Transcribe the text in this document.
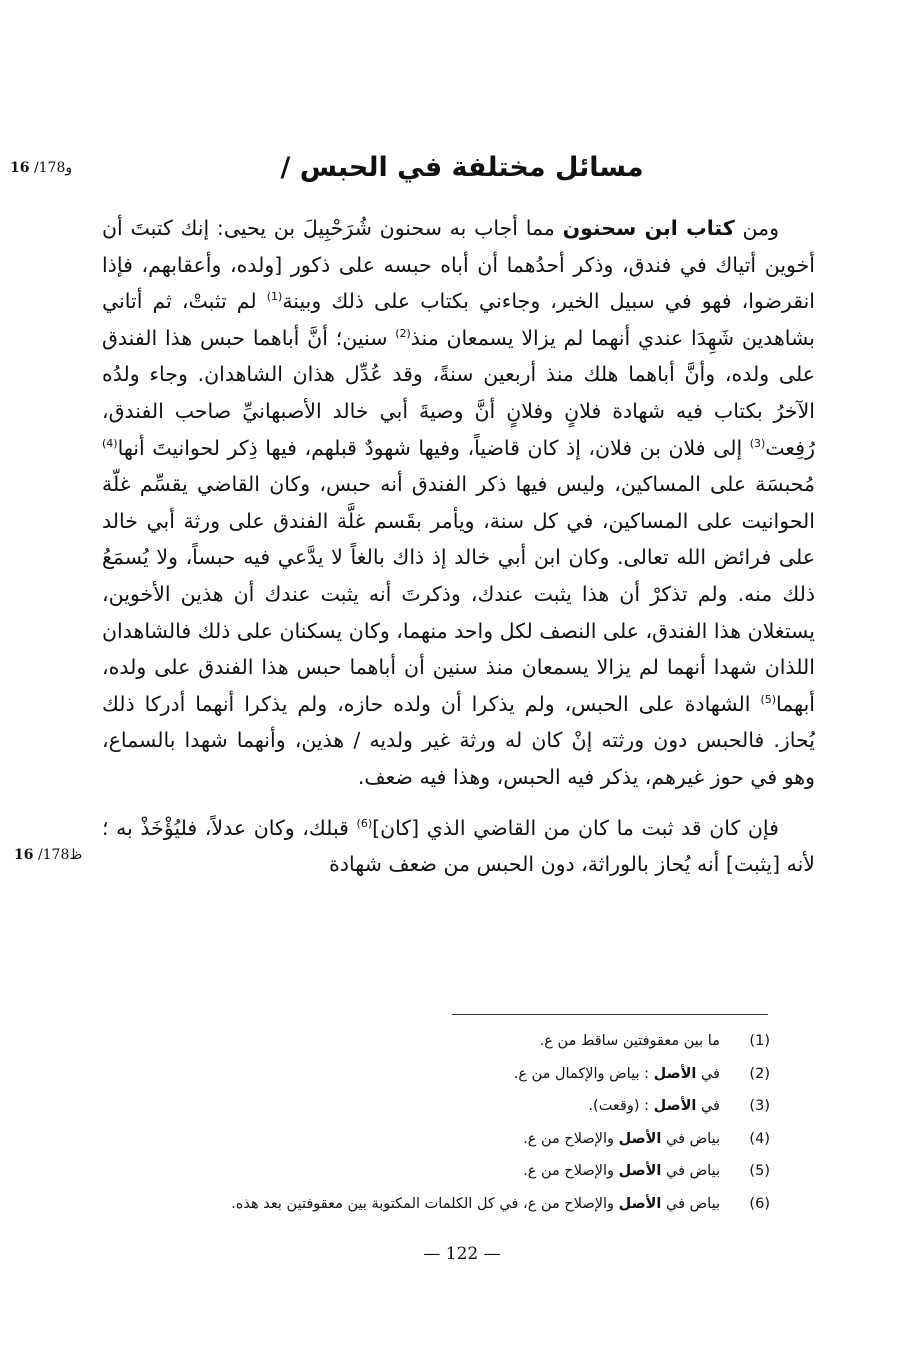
مسائل مختلفة في الحبس /
16 /178و
16 /178ظ

ومن كتاب ابن سحنون مما أجاب به سحنون شُرَحْبِيلَ بن يحيى: إنك كتبتَ أن أخوين أتياك في فندق، وذكر أحدُهما أن أباه حبسه على ذكور [ولده، وأعقابهم، فإذا انقرضوا، فهو في سبيل الخير، وجاءني بكتاب على ذلك وبينة$^{(1)}$ لم تثبتْ، ثم أتاني بشاهدين شَهِدَا عندي أنهما لم يزالا يسمعان منذ$^{(2)}$ سنين؛ أنَّ أباهما حبس هذا الفندق على ولده، وأنَّ أباهما هلك منذ أربعين سنةً، وقد عُدِّل هذان الشاهدان. وجاء ولدُه الآخرُ بكتاب فيه شهادة فلانٍ وفلانٍ أنَّ وصيةَ أبي خالد الأصبهانيِّ صاحب الفندق، رُفِعت$^{(3)}$ إلى فلان بن فلان، إذ كان قاضياً، وفيها شهودٌ قبلهم، فيها ذِكر لحوانيتَ أنها$^{(4)}$ مُحبسَة على المساكين، وليس فيها ذكر الفندق أنه حبس، وكان القاضي يقسِّم غلّة الحوانيت على المساكين، في كل سنة، ويأمر بقَسم غلَّة الفندق على ورثة أبي خالد على فرائض الله تعالى. وكان ابن أبي خالد إذ ذاك بالغاً لا يدَّعي فيه حبساً، ولا يُسمَعُ ذلك منه. ولم تذكرْ أن هذا يثبت عندك، وذكرتَ أنه يثبت عندك أن هذين الأخوين، يستغلان هذا الفندق، على النصف لكل واحد منهما، وكان يسكنان على ذلك فالشاهدان اللذان شهدا أنهما لم يزالا يسمعان منذ سنين أن أباهما حبس هذا الفندق على ولده، أبهما$^{(5)}$ الشهادة على الحبس، ولم يذكرا أن ولده حازه، ولم يذكرا أنهما أدركا ذلك يُحاز. فالحبس دون ورثته إنْ كان له ورثة غير ولديه / هذين، وأنهما شهدا بالسماع، وهو في حوز غيرهم، يذكر فيه الحبس، وهذا فيه ضعف.

فإن كان قد ثبت ما كان من القاضي الذي [كان]$^{(6)}$ قبلك، وكان عدلاً، فليُؤْخَذْ به ؛ لأنه [يثبت] أنه يُحاز بالوراثة، دون الحبس من ضعف شهادة

(1)ما بين معقوفتين ساقط من ع.
(2)في الأصل : بياض والإكمال من ع.
(3)في الأصل : (وقعت).
(4)بياض في الأصل والإصلاح من ع.
(5)بياض في الأصل والإصلاح من ع.
(6)بياض في الأصل والإصلاح من ع، في كل الكلمات المكتوبة بين معقوفتين بعد هذه.
— 122 —
